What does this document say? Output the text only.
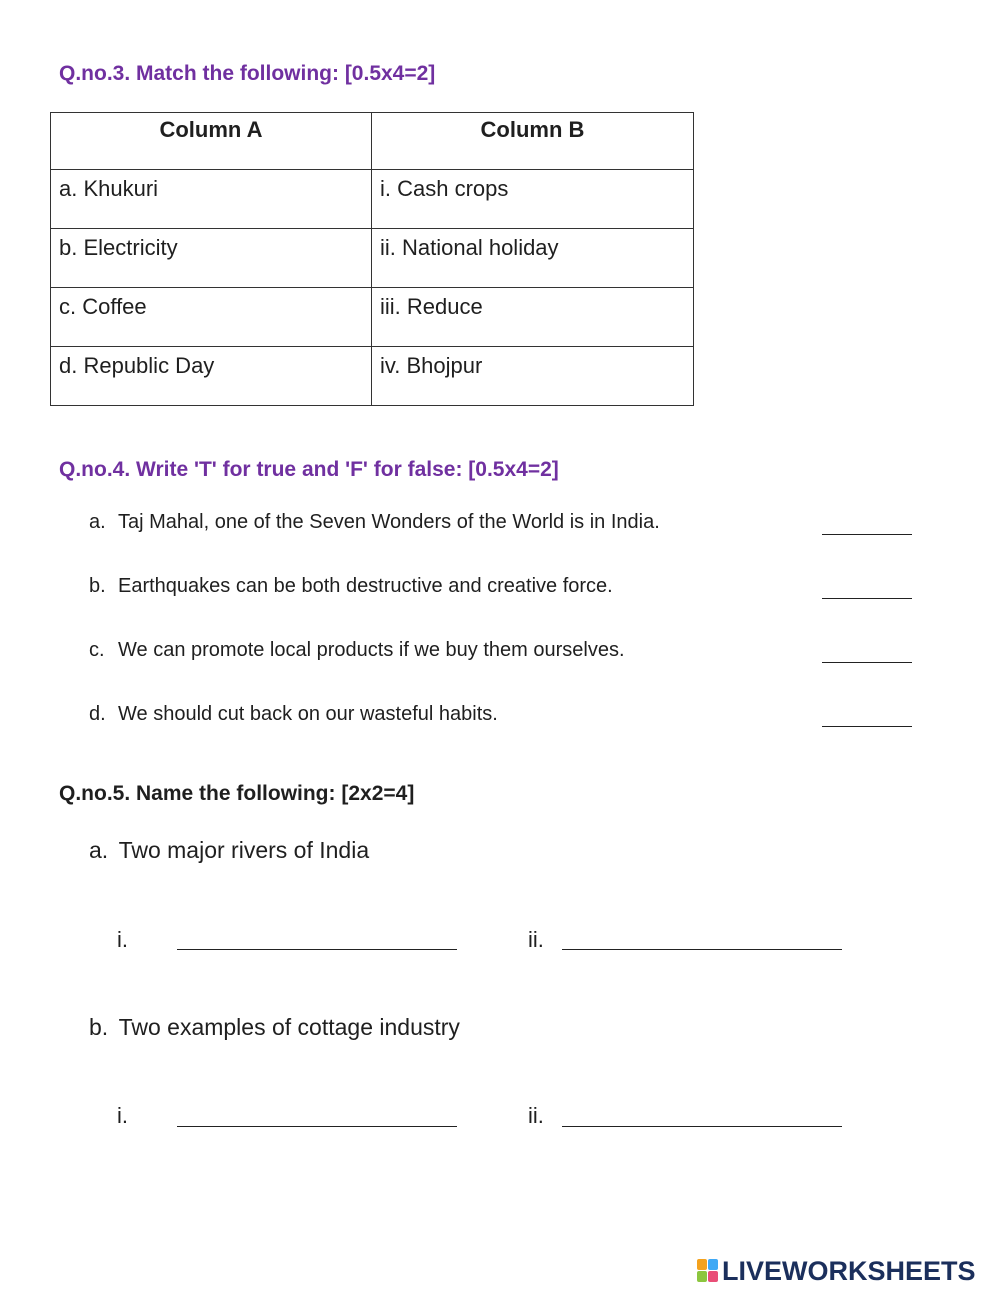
Q.no.3. Match the following: [0.5x4=2]
Column A	Column B
a. Khukuri	i. Cash crops
b. Electricity	ii. National holiday
c. Coffee	iii. Reduce
d. Republic Day	iv. Bhojpur
Q.no.4. Write 'T' for true and 'F' for false: [0.5x4=2]
a. Taj Mahal, one of the Seven Wonders of the World is in India.
b. Earthquakes can be both destructive and creative force.
c. We can promote local products if we buy them ourselves.
d. We should cut back on our wasteful habits.
Q.no.5. Name the following: [2x2=4]
a. Two major rivers of India
i.	ii.
b. Two examples of cottage industry
i.	ii.
LIVEWORKSHEETS
